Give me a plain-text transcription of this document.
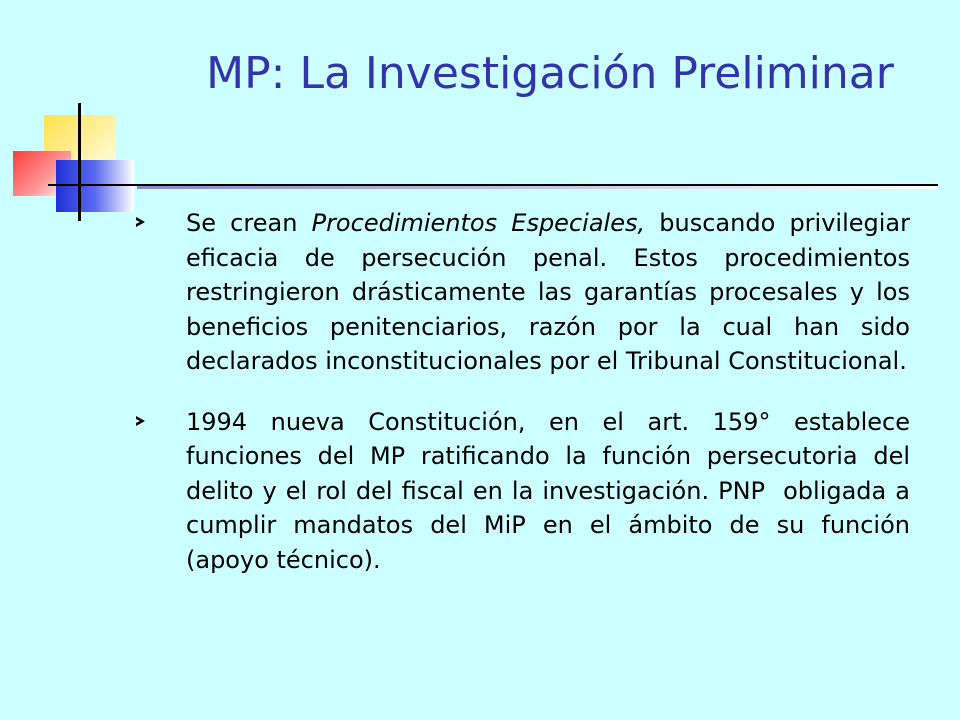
MP: La Investigación Preliminar
Se crean Procedimientos Especiales, buscando privilegiar eficacia de persecución penal. Estos procedimientos restringieron drásticamente las garantías procesales y los beneficios penitenciarios, razón por la cual han sido declarados inconstitucionales por el Tribunal Constitucional.
1994 nueva Constitución, en el art. 159° establece funciones del MP ratificando la función persecutoria del delito y el rol del fiscal en la investigación. PNP  obligada a cumplir mandatos del MiP en el ámbito de su función (apoyo técnico).
